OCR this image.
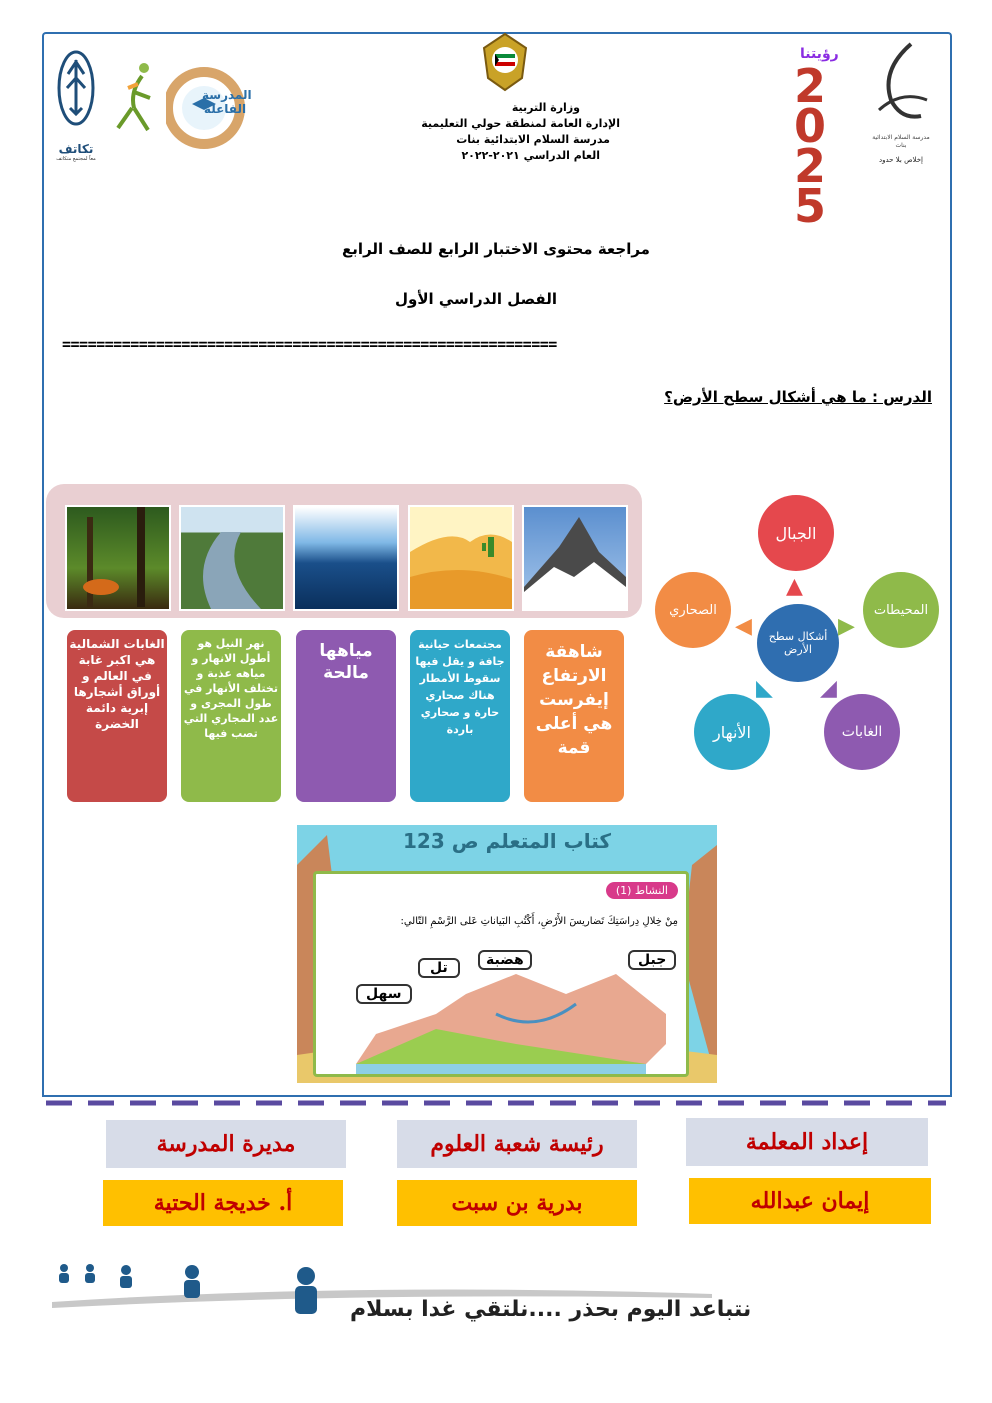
تكاتف
معاً لمجتمع متكاتف
المدرسة الفاعلة	وزارة التربية
الإدارة العامة لمنطقة حولي التعليمية
مدرسة السلام الابتدائية بنات
العام الدراسي ٢٠٢١-٢٠٢٢
رؤيتنا
2025
مدرسة السلام الابتدائية بنات
إخلاص بلا حدود
مراجعة محتوى الاختبار الرابع للصف الرابع
الفصل الدراسي الأول
==========================================================
الدرس : ما هي أشكال سطح الأرض؟
شاهقة الارتفاع إيفرست هي أعلى قمة
مجتمعات حيانية جافة و يقل فيها سقوط الأمطار هناك صحاري حارة و صحاري باردة
مياهها مالحة
نهر النيل هو أطول الانهار و مياهه عذبة و تختلف الأنهار في طول المجرى و عدد المجاري التي تصب فيها
الغابات الشمالية هي اكبر غابة في العالم و أوراق أشجارها إبرية دائمة الخضرة
أشكال سطح الأرض
الجبال
المحيطات
الغابات
الأنهار
الصحاري
▲
▶
◢
◣
◀
كتاب المتعلم ص 123
النشاط (1)
مِنْ خِلالِ دِراسَتِكَ تَضاريسَ الأَرْضِ، أَكْتُبِ البَياناتِ عَلى الرَّسْمِ التّالي:
جبل
هضبة
تل
سهل
إعداد المعلمة
رئيسة شعبة العلوم
مديرة المدرسة
إيمان عبدالله
بدرية بن سبت
أ. خديجة الحتية
نتباعد اليوم بحذر ....نلتقي غدا بسلام
